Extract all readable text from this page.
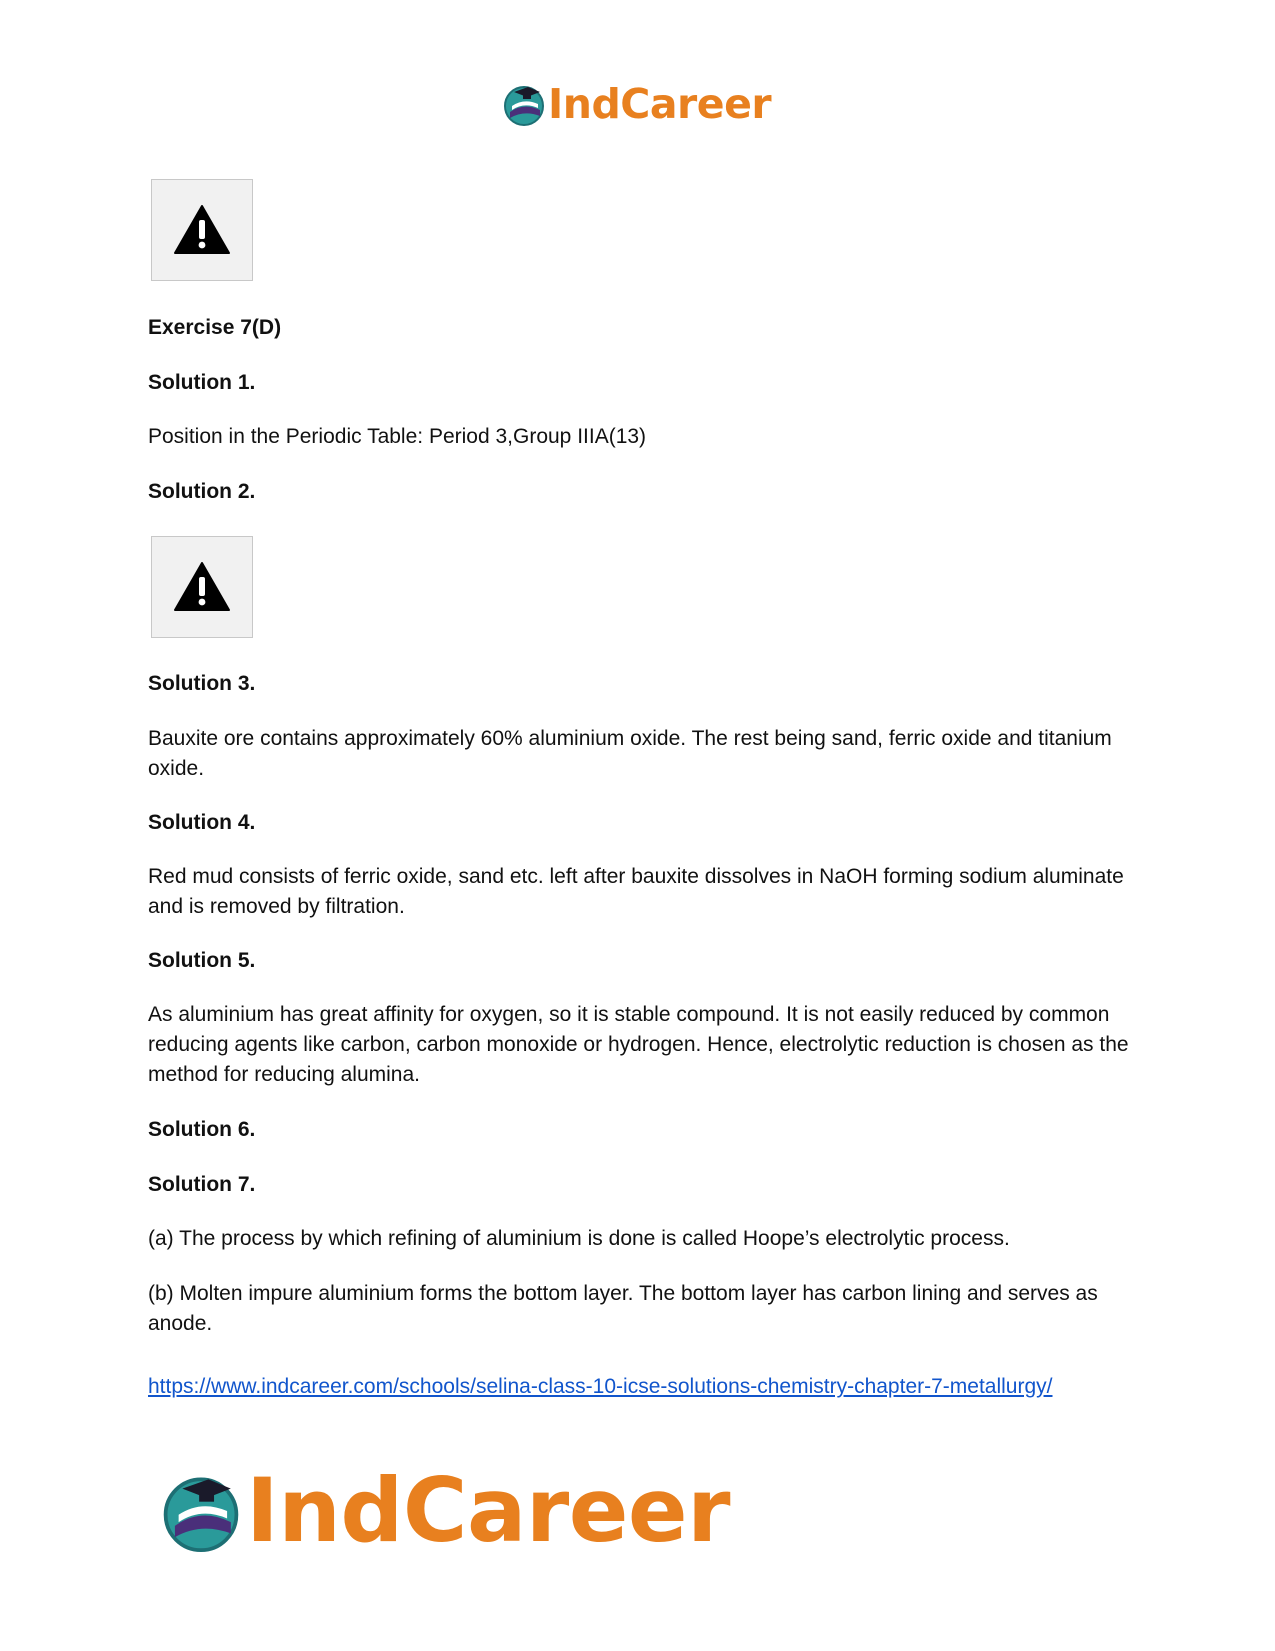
IndCareer
Exercise 7(D)
Solution 1.
Position in the Periodic Table: Period 3,Group IIIA(13)
Solution 2.
Solution 3.
Bauxite ore contains approximately 60% aluminium oxide. The rest being sand, ferric oxide and titanium oxide.
Solution 4.
Red mud consists of ferric oxide, sand etc. left after bauxite dissolves in NaOH forming sodium aluminate and is removed by filtration.
Solution 5.
As aluminium has great affinity for oxygen, so it is stable compound. It is not easily reduced by common reducing agents like carbon, carbon monoxide or hydrogen. Hence, electrolytic reduction is chosen as the method for reducing alumina.
Solution 6.
Solution 7.
(a) The process by which refining of aluminium is done is called Hoope’s electrolytic process.
(b) Molten impure aluminium forms the bottom layer. The bottom layer has carbon lining and serves as anode.
https://www.indcareer.com/schools/selina-class-10-icse-solutions-chemistry-chapter-7-metallurgy/
IndCareer
